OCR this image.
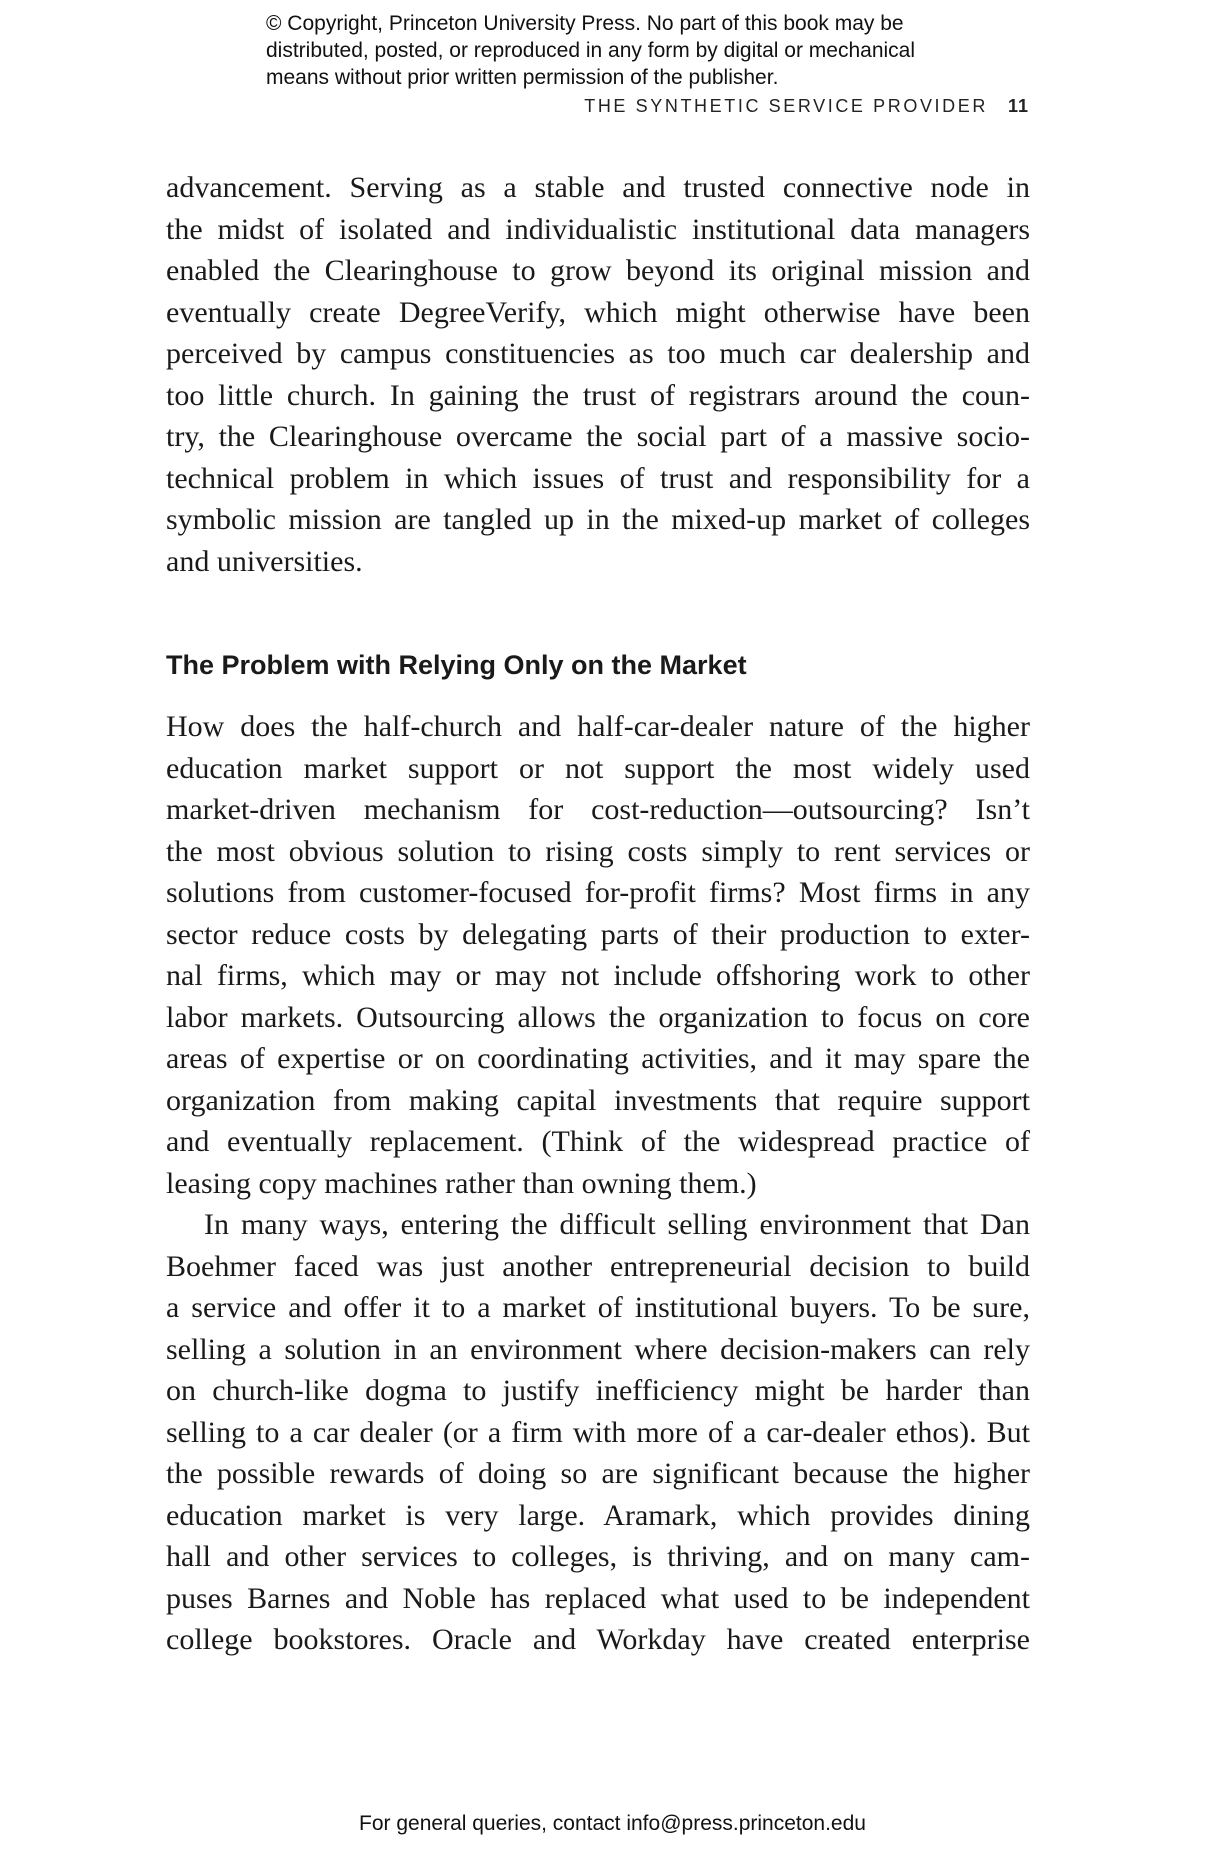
© Copyright, Princeton University Press. No part of this book may be
distributed, posted, or reproduced in any form by digital or mechanical
means without prior written permission of the publisher.
THE SYNTHETIC SERVICE PROVIDER 11
advancement. Serving as a stable and trusted connective node in
the midst of isolated and individualistic institutional data managers
enabled the Clearinghouse to grow beyond its original mission and
eventually create DegreeVerify, which might otherwise have been
perceived by campus constituencies as too much car dealership and
too little church. In gaining the trust of registrars around the coun-
try, the Clearinghouse overcame the social part of a massive socio-
technical problem in which issues of trust and responsibility for a
symbolic mission are tangled up in the mixed-up market of colleges
and universities.
The Problem with Relying Only on the Market
How does the half-church and half-car-dealer nature of the higher
education market support or not support the most widely used
market-driven mechanism for cost-reduction—outsourcing? Isn’t
the most obvious solution to rising costs simply to rent services or
solutions from customer-focused for-profit firms? Most firms in any
sector reduce costs by delegating parts of their production to exter-
nal firms, which may or may not include offshoring work to other
labor markets. Outsourcing allows the organization to focus on core
areas of expertise or on coordinating activities, and it may spare the
organization from making capital investments that require support
and eventually replacement. (Think of the widespread practice of
leasing copy machines rather than owning them.)
In many ways, entering the difficult selling environment that Dan
Boehmer faced was just another entrepreneurial decision to build
a service and offer it to a market of institutional buyers. To be sure,
selling a solution in an environment where decision-makers can rely
on church-like dogma to justify inefficiency might be harder than
selling to a car dealer (or a firm with more of a car-dealer ethos). But
the possible rewards of doing so are significant because the higher
education market is very large. Aramark, which provides dining
hall and other services to colleges, is thriving, and on many cam-
puses Barnes and Noble has replaced what used to be independent
college bookstores. Oracle and Workday have created enterprise
For general queries, contact info@press.princeton.edu
